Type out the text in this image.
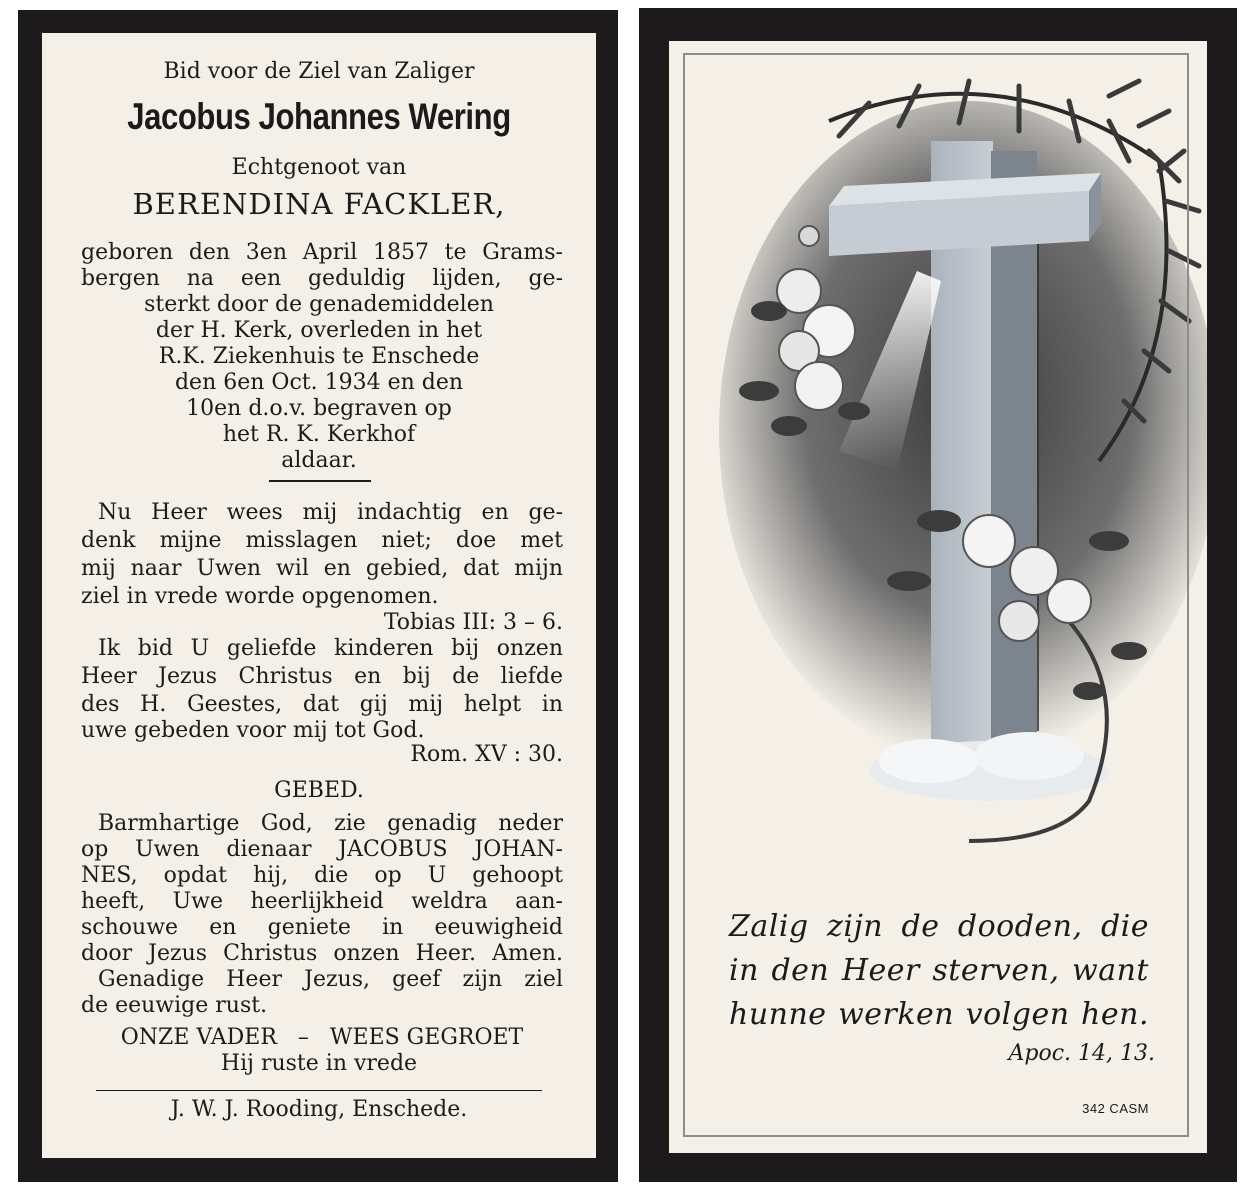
Bid voor de Ziel van Zaliger
Jacobus Johannes Wering
Echtgenoot van
BERENDINA FACKLER,
geboren den 3en April 1857 te Grams-
bergen na een geduldig lijden, ge-
sterkt door de genademiddelen
der H. Kerk, overleden in het
R.K. Ziekenhuis te Enschede
den 6en Oct. 1934 en den
10en d.o.v. begraven op
het R. K. Kerkhof
aldaar.
Nu Heer wees mij indachtig en ge-
denk mijne misslagen niet; doe met
mij naar Uwen wil en gebied, dat mijn
ziel in vrede worde opgenomen.
Tobias III: 3 – 6.
Ik bid U geliefde kinderen bij onzen
Heer Jezus Christus en bij de liefde
des H. Geestes, dat gij mij helpt in
uwe gebeden voor mij tot God.
Rom. XV : 30.
GEBED.
Barmhartige God, zie genadig neder
op Uwen dienaar JACOBUS JOHAN-
NES, opdat hij, die op U gehoopt
heeft, Uwe heerlijkheid weldra aan-
schouwe en geniete in eeuwigheid
door Jezus Christus onzen Heer. Amen.
Genadige Heer Jezus, geef zijn ziel
de eeuwige rust.
ONZE VADER – WEES GEGROET
Hij ruste in vrede
J. W. J. Rooding, Enschede.
Zalig zijn de dooden, die
in den Heer sterven, want
hunne werken volgen hen.
Apoc. 14, 13.
342 CASM
